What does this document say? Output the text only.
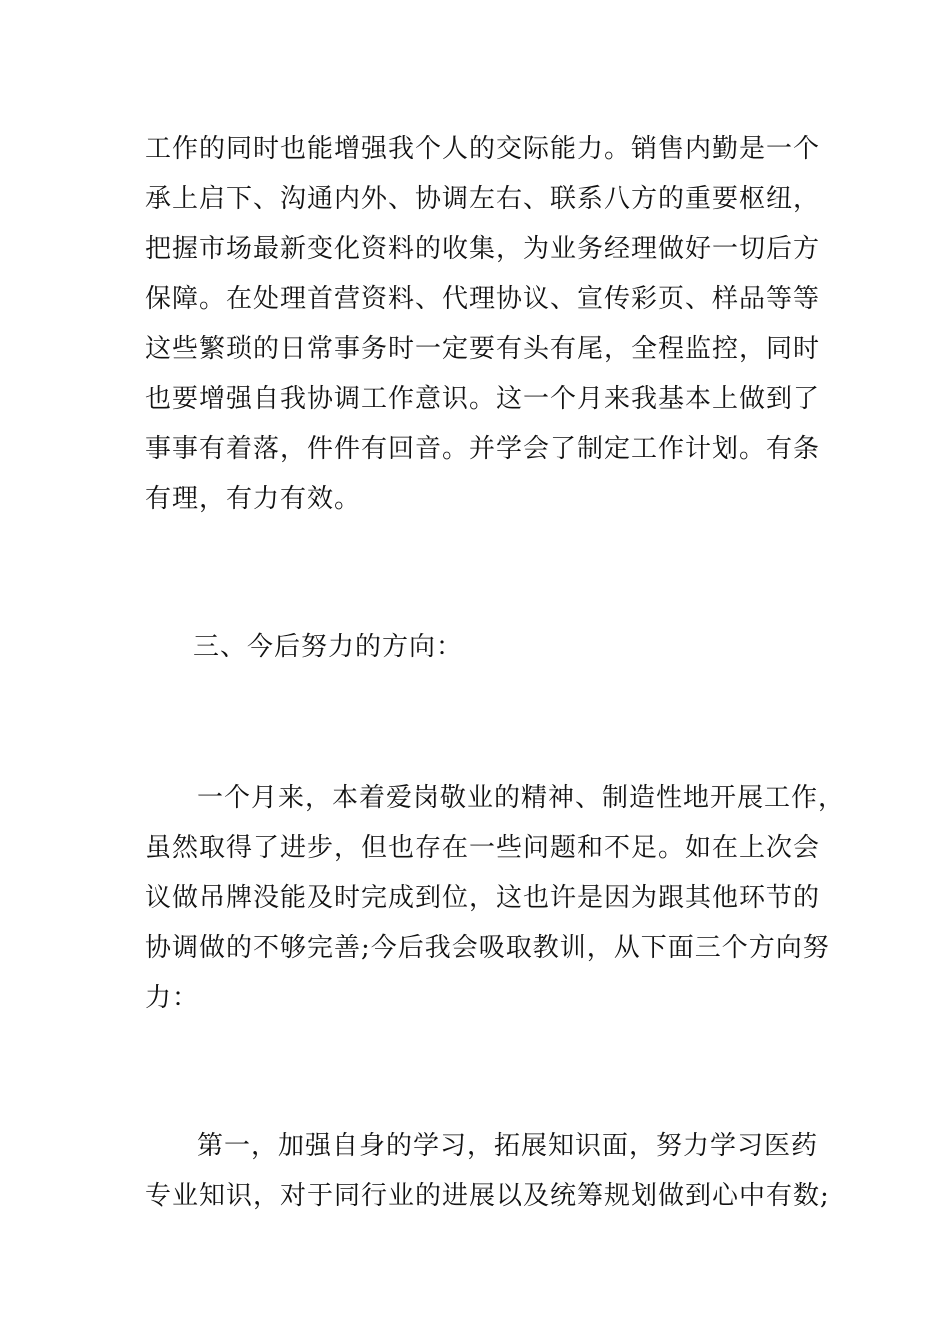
工作的同时也能增强我个人的交际能力。销售内勤是一个
承上启下、沟通内外、协调左右、联系八方的重要枢纽，
把握市场最新变化资料的收集，为业务经理做好一切后方
保障。在处理首营资料、代理协议、宣传彩页、样品等等
这些繁琐的日常事务时一定要有头有尾，全程监控，同时
也要增强自我协调工作意识。这一个月来我基本上做到了
事事有着落，件件有回音。并学会了制定工作计划。有条
有理，有力有效。
三、今后努力的方向：
一个月来，本着爱岗敬业的精神、制造性地开展工作，
虽然取得了进步，但也存在一些问题和不足。如在上次会
议做吊牌没能及时完成到位，这也许是因为跟其他环节的
协调做的不够完善;今后我会吸取教训，从下面三个方向努
力：
第一，加强自身的学习，拓展知识面，努力学习医药
专业知识，对于同行业的进展以及统筹规划做到心中有数;
